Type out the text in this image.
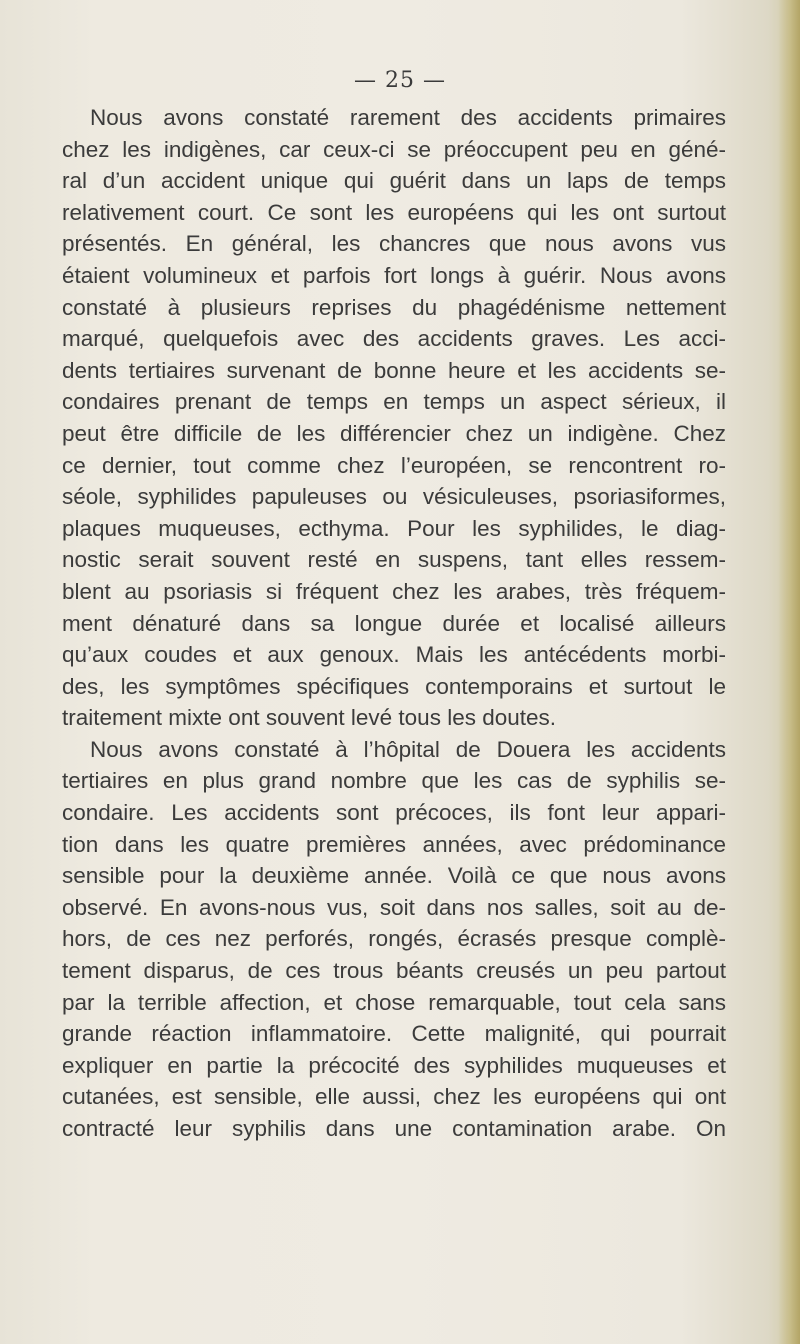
— 25 —
Nous avons constaté rarement des accidents primaires
chez les indigènes, car ceux-ci se préoccupent peu en géné-
ral d’un accident unique qui guérit dans un laps de temps
relativement court. Ce sont les européens qui les ont surtout
présentés. En général, les chancres que nous avons vus
étaient volumineux et parfois fort longs à guérir. Nous avons
constaté à plusieurs reprises du phagédénisme nettement
marqué, quelquefois avec des accidents graves. Les acci-
dents tertiaires survenant de bonne heure et les accidents se-
condaires prenant de temps en temps un aspect sérieux, il
peut être difficile de les différencier chez un indigène. Chez
ce dernier, tout comme chez l’européen, se rencontrent ro-
séole, syphilides papuleuses ou vésiculeuses, psoriasiformes,
plaques muqueuses, ecthyma. Pour les syphilides, le diag-
nostic serait souvent resté en suspens, tant elles ressem-
blent au psoriasis si fréquent chez les arabes, très fréquem-
ment dénaturé dans sa longue durée et localisé ailleurs
qu’aux coudes et aux genoux. Mais les antécédents morbi-
des, les symptômes spécifiques contemporains et surtout le
traitement mixte ont souvent levé tous les doutes.
Nous avons constaté à l’hôpital de Douera les accidents
tertiaires en plus grand nombre que les cas de syphilis se-
condaire. Les accidents sont précoces, ils font leur appari-
tion dans les quatre premières années, avec prédominance
sensible pour la deuxième année. Voilà ce que nous avons
observé. En avons-nous vus, soit dans nos salles, soit au de-
hors, de ces nez perforés, rongés, écrasés presque complè-
tement disparus, de ces trous béants creusés un peu partout
par la terrible affection, et chose remarquable, tout cela sans
grande réaction inflammatoire. Cette malignité, qui pourrait
expliquer en partie la précocité des syphilides muqueuses et
cutanées, est sensible, elle aussi, chez les européens qui ont
contracté leur syphilis dans une contamination arabe. On
